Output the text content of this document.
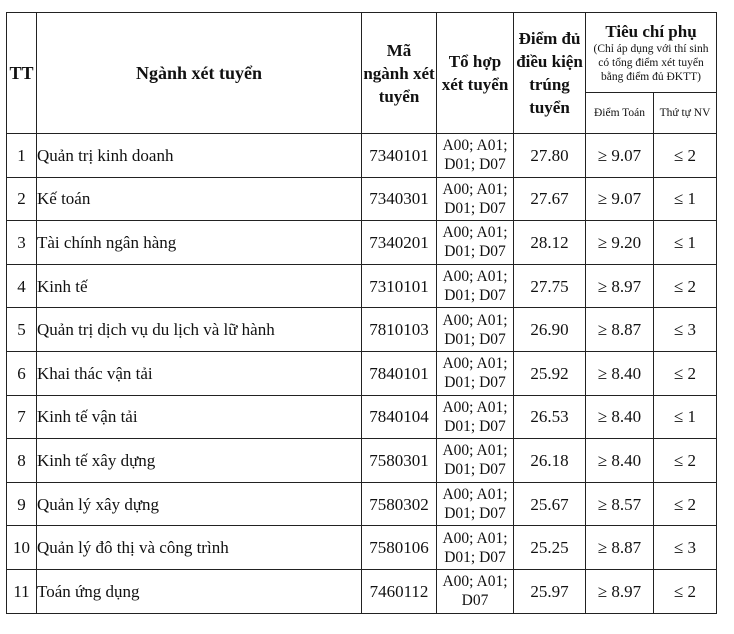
TT	Ngành xét tuyển	Mã ngành xét tuyển	Tổ hợp xét tuyển	Điểm đủ điều kiện trúng tuyển	Tiêu chí phụ
(Chỉ áp dụng với thí sinh có tổng điểm xét tuyển bằng điểm đủ ĐKTT)	

					Điểm Toán	Thứ tự NV
1	Quản trị kinh doanh	7340101	A00; A01;
D01; D07	27.80	≥ 9.07	≤ 2
2	Kế toán	7340301	A00; A01;
D01; D07	27.67	≥ 9.07	≤ 1
3	Tài chính ngân hàng	7340201	A00; A01;
D01; D07	28.12	≥ 9.20	≤ 1
4	Kinh tế	7310101	A00; A01;
D01; D07	27.75	≥ 8.97	≤ 2
5	Quản trị dịch vụ du lịch và lữ hành	7810103	A00; A01;
D01; D07	26.90	≥ 8.87	≤ 3
6	Khai thác vận tải	7840101	A00; A01;
D01; D07	25.92	≥ 8.40	≤ 2
7	Kinh tế vận tải	7840104	A00; A01;
D01; D07	26.53	≥ 8.40	≤ 1
8	Kinh tế xây dựng	7580301	A00; A01;
D01; D07	26.18	≥ 8.40	≤ 2
9	Quản lý xây dựng	7580302	A00; A01;
D01; D07	25.67	≥ 8.57	≤ 2
10	Quản lý đô thị và công trình	7580106	A00; A01;
D01; D07	25.25	≥ 8.87	≤ 3
11	Toán ứng dụng	7460112	A00; A01;
D07	25.97	≥ 8.97	≤ 2
